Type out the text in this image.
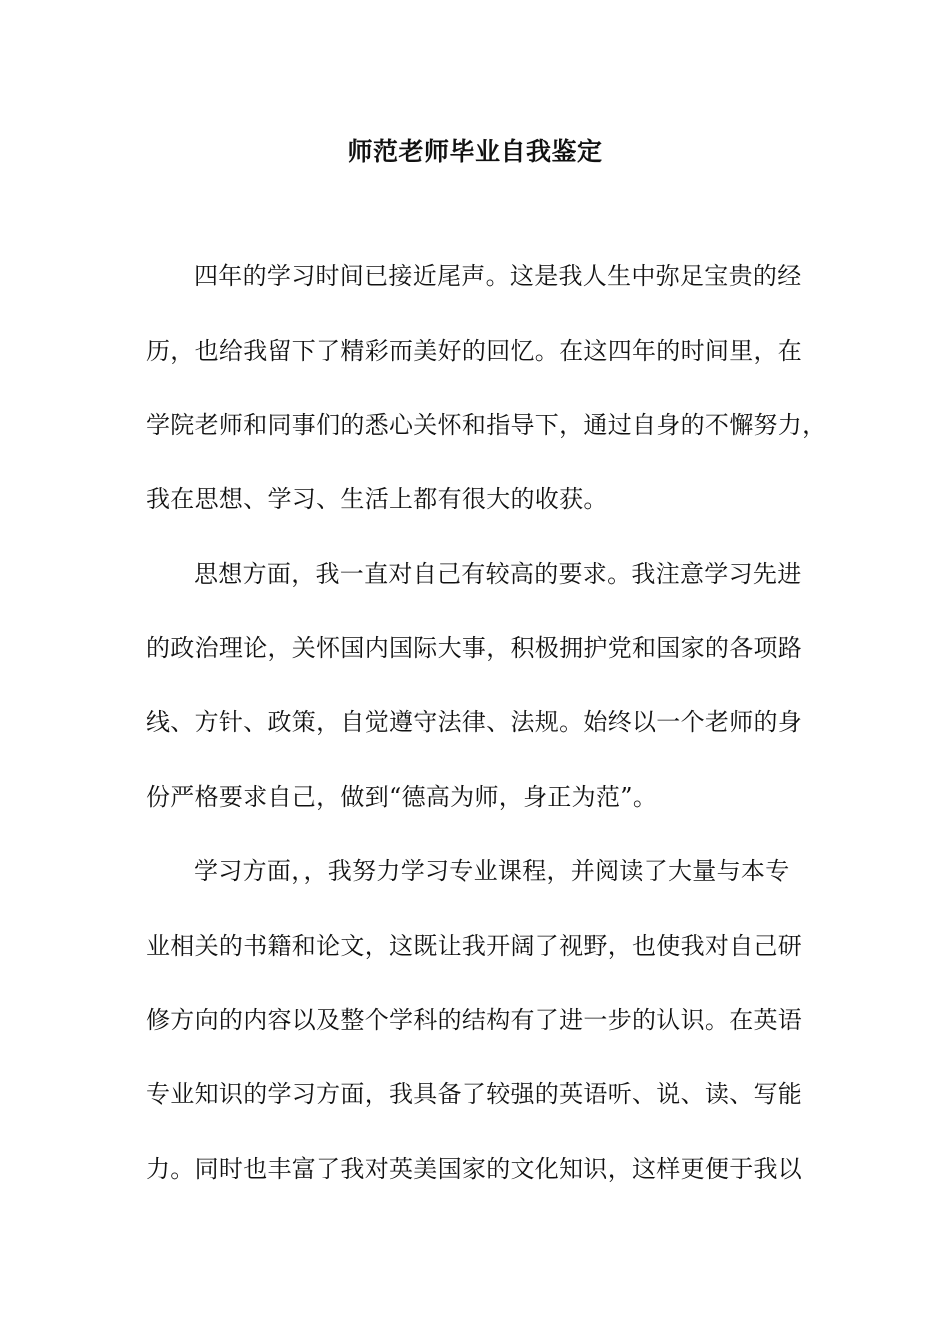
师范老师毕业自我鉴定

四年的学习时间已接近尾声。这是我人生中弥足宝贵的经

历，也给我留下了精彩而美好的回忆。在这四年的时间里，在

学院老师和同事们的悉心关怀和指导下，通过自身的不懈努力，

我在思想、学习、生活上都有很大的收获。

思想方面，我一直对自己有较高的要求。我注意学习先进

的政治理论，关怀国内国际大事，积极拥护党和国家的各项路

线、方针、政策，自觉遵守法律、法规。始终以一个老师的身

份严格要求自己，做到“德高为师，身正为范”。

学习方面，，我努力学习专业课程，并阅读了大量与本专

业相关的书籍和论文，这既让我开阔了视野，也使我对自己研

修方向的内容以及整个学科的结构有了进一步的认识。在英语

专业知识的学习方面，我具备了较强的英语听、说、读、写能

力。同时也丰富了我对英美国家的文化知识，这样更便于我以
